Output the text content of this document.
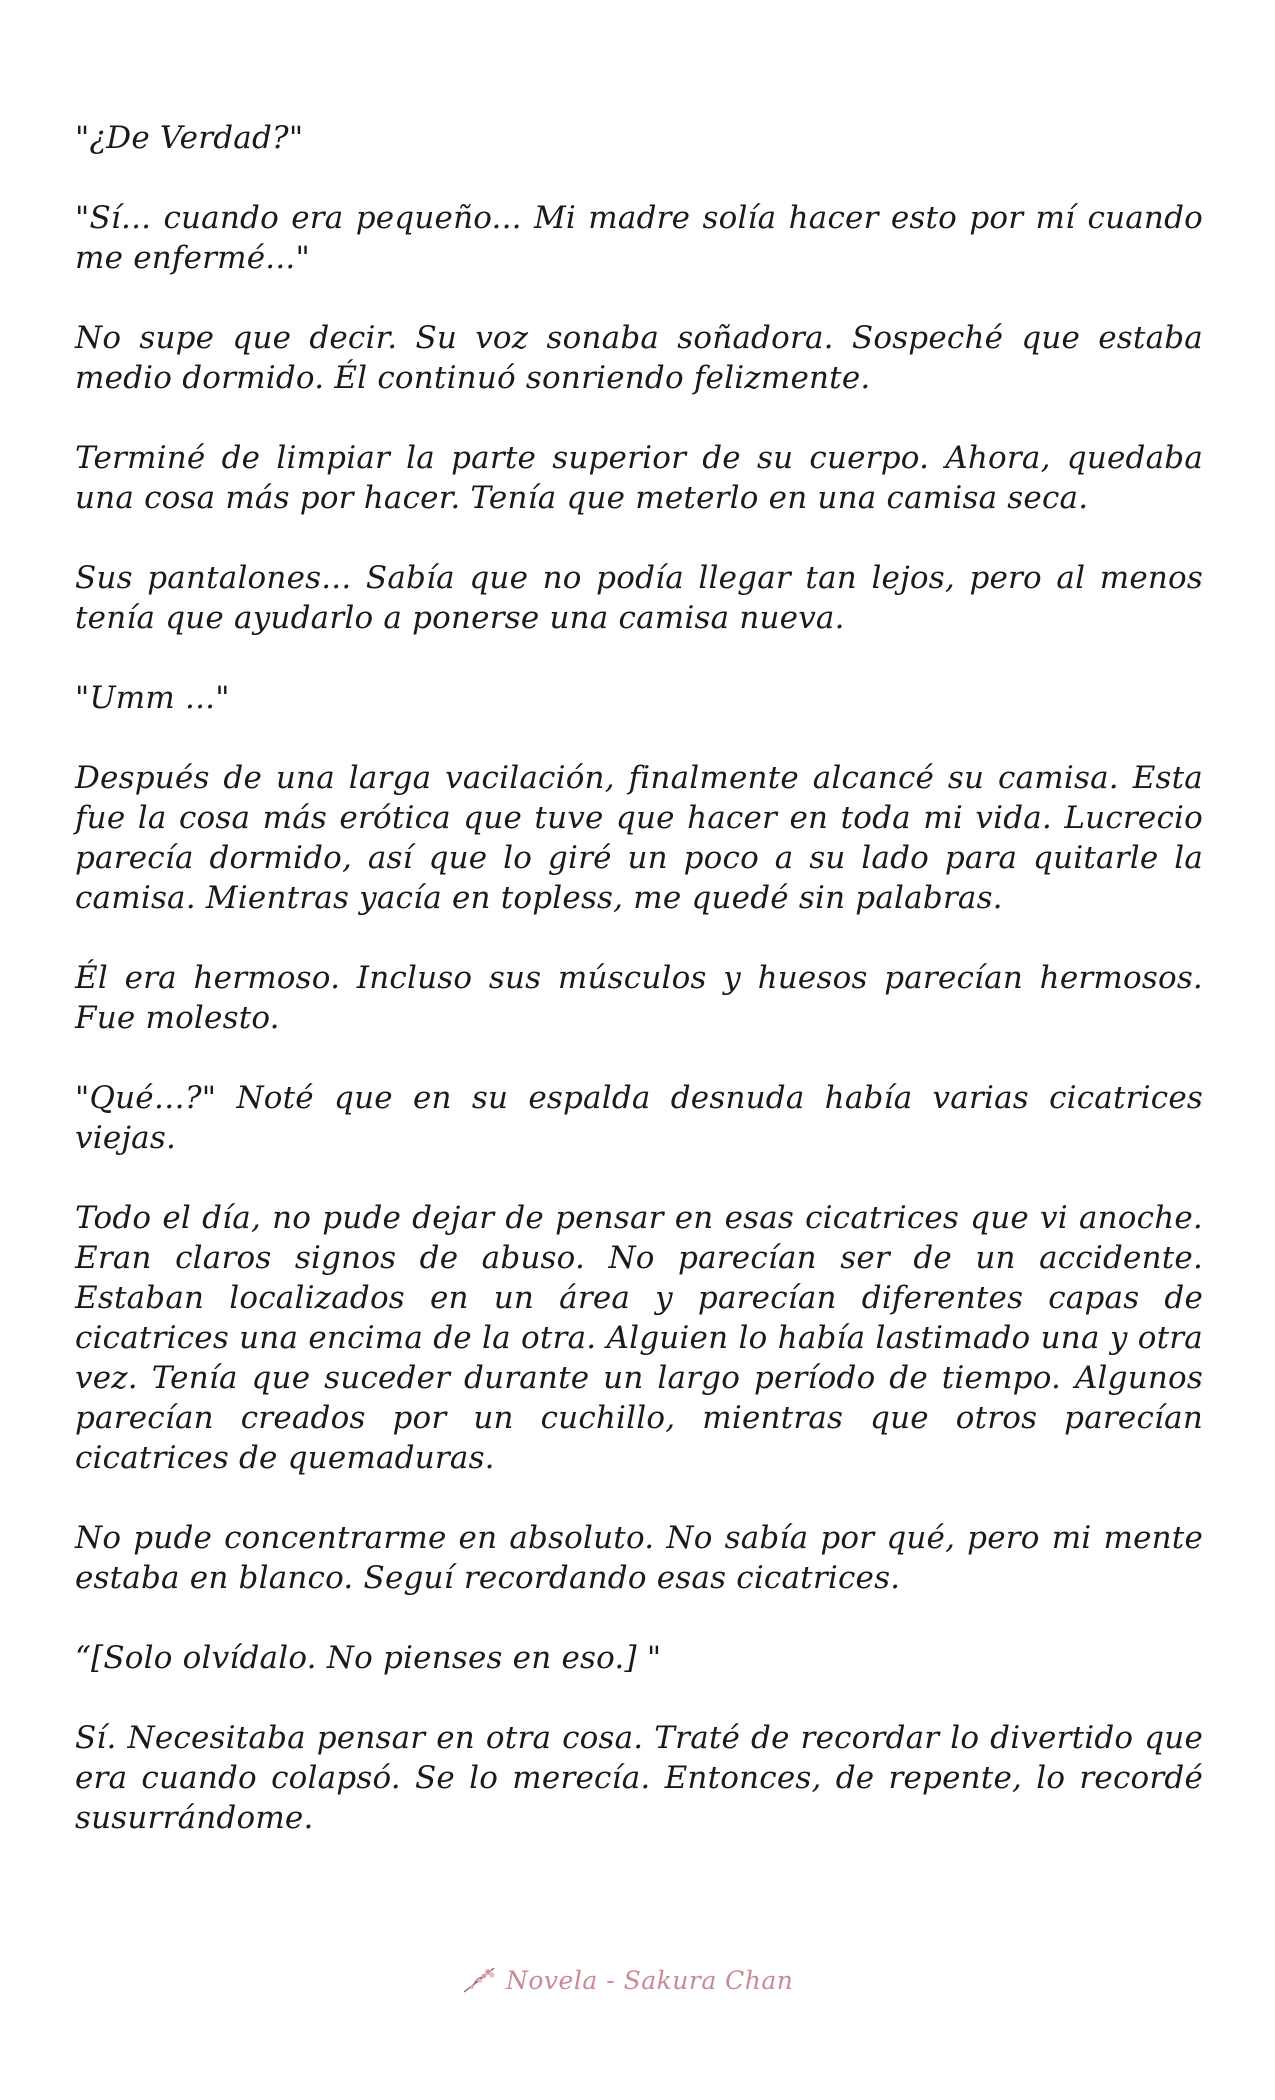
"¿De Verdad?"

"Sí... cuando era pequeño... Mi madre solía hacer esto por mí cuando me enfermé..."

No supe que decir. Su voz sonaba soñadora. Sospeché que estaba medio dormido. Él continuó sonriendo felizmente.

Terminé de limpiar la parte superior de su cuerpo. Ahora, quedaba una cosa más por hacer. Tenía que meterlo en una camisa seca.

Sus pantalones... Sabía que no podía llegar tan lejos, pero al menos tenía que ayudarlo a ponerse una camisa nueva.

"Umm ..."

Después de una larga vacilación, finalmente alcancé su camisa. Esta fue la cosa más erótica que tuve que hacer en toda mi vida. Lucrecio parecía dormido, así que lo giré un poco a su lado para quitarle la camisa. Mientras yacía en topless, me quedé sin palabras.

Él era hermoso. Incluso sus músculos y huesos parecían hermosos. Fue molesto.

"Qué…?" Noté que en su espalda desnuda había varias cicatrices viejas.

Todo el día, no pude dejar de pensar en esas cicatrices que vi anoche. Eran claros signos de abuso. No parecían ser de un accidente. Estaban localizados en un área y parecían diferentes capas de cicatrices una encima de la otra. Alguien lo había lastimado una y otra vez. Tenía que suceder durante un largo período de tiempo. Algunos parecían creados por un cuchillo, mientras que otros parecían cicatrices de quemaduras.

No pude concentrarme en absoluto. No sabía por qué, pero mi mente estaba en blanco. Seguí recordando esas cicatrices.

“[Solo olvídalo. No pienses en eso.] "

Sí. Necesitaba pensar en otra cosa. Traté de recordar lo divertido que era cuando colapsó. Se lo merecía. Entonces, de repente, lo recordé susurrándome.

Novela - Sakura Chan
